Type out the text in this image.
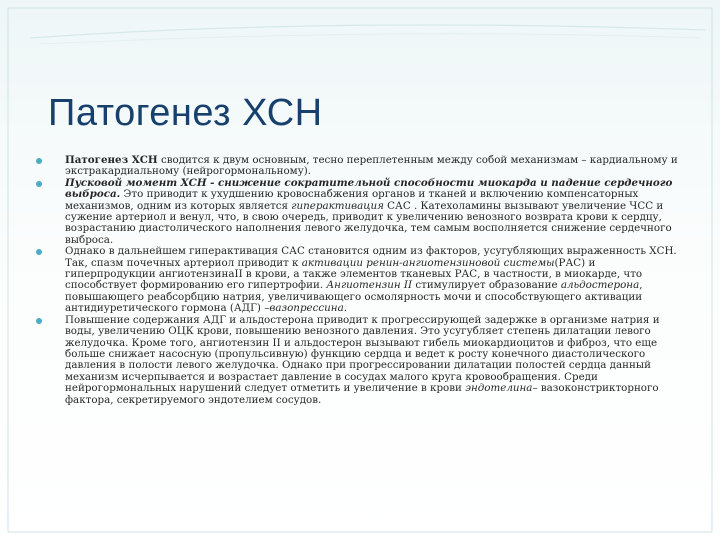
Патогенез ХСН

Патогенез ХСН сводится к двум основным, тесно переплетенным между собой механизмам – кардиальному и экстракардиальному (нейрогормональному).

Пусковой момент ХСН - снижение сократительной способности миокарда и падение сердечного выброса. Это приводит к ухудшению кровоснабжения органов и тканей и включению компенсаторных механизмов, одним из которых является гиперактивация САС . Катехоламины вызывают увеличение ЧСС и сужение артериол и венул, что, в свою очередь, приводит к увеличению венозного возврата крови к сердцу, возрастанию диастолического наполнения левого желудочка, тем самым восполняется снижение сердечного выброса.

Однако в дальнейшем гиперактивация САС становится одним из факторов, усугубляющих выраженность ХСН. Так, спазм почечных артериол приводит к активации ренин-ангиотензиновой системы(РАС) и гиперпродукции ангиотензинаII в крови, а также элементов тканевых РАС, в частности, в миокарде, что способствует формированию его гипертрофии. Ангиотензин II стимулирует образование альдостерона, повышающего реабсорбцию натрия, увеличивающего осмолярность мочи и способствующего активации антидиуретического гормона (АДГ) –вазопрессина.

Повышение содержания АДГ и альдостерона приводит к прогрессирующей задержке в организме натрия и воды, увеличению ОЦК крови, повышению венозного давления. Это усугубляет степень дилатации левого желудочка. Кроме того, ангиотензин II и альдостерон вызывают гибель миокардиоцитов и фиброз, что еще больше снижает насосную (пропульсивную) функцию сердца и ведет к росту конечного диастолического давления в полости левого желудочка. Однако при прогрессировании дилатации полостей сердца данный механизм исчерпывается и возрастает давление в сосудах малого круга кровообращения. Среди нейрогормональных нарушений следует отметить и увеличение в крови эндотелина– вазоконстрикторного фактора, секретируемого эндотелием сосудов.
